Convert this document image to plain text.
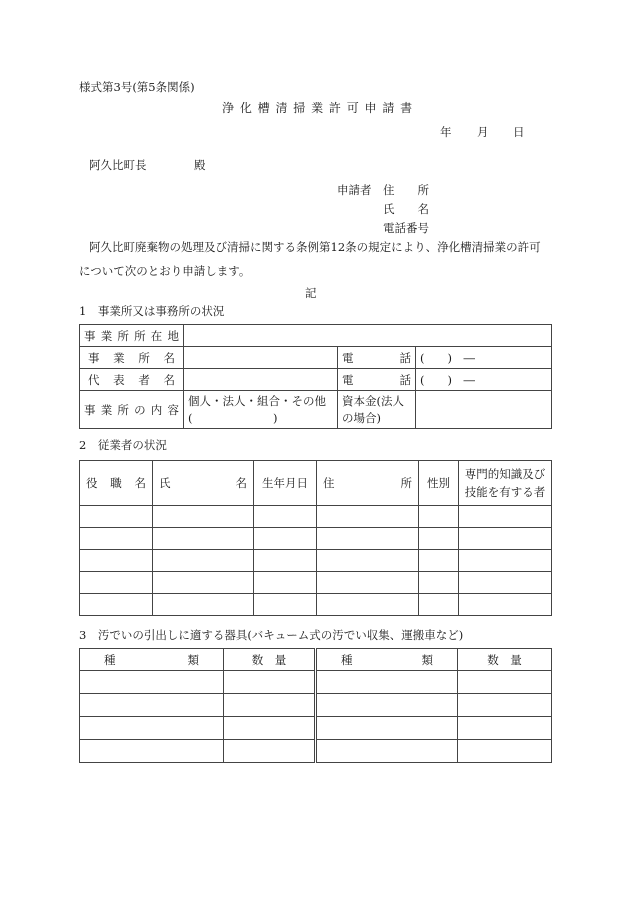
様式第3号(第5条関係)
浄 化 槽 清 掃 業 許 可 申 請 書
年 月 日
阿久比町長	殿
申請者 住　　所
氏　　名
電話番号
阿久比町廃棄物の処理及び清掃に関する条例第12条の規定により、浄化槽清掃業の許可
について次のとおり申請します。
記
1　事業所又は事務所の状況
事業所所在地			

事業所名		電話	(　　)　―

代表者名		電話	(　　)　―

事業所の内容	個人・法人・組合・その他(　　　　　　　)	資本金(法人の場合)	
2　従業者の状況
役職名	氏　　　名	生年月日	住　　　所	性別	専門的知識及び技能を有する者

3　汚でいの引出しに適する器具(バキューム式の汚でい収集、運搬車など)
種　　　類	数　量	種　　　類	数　量
